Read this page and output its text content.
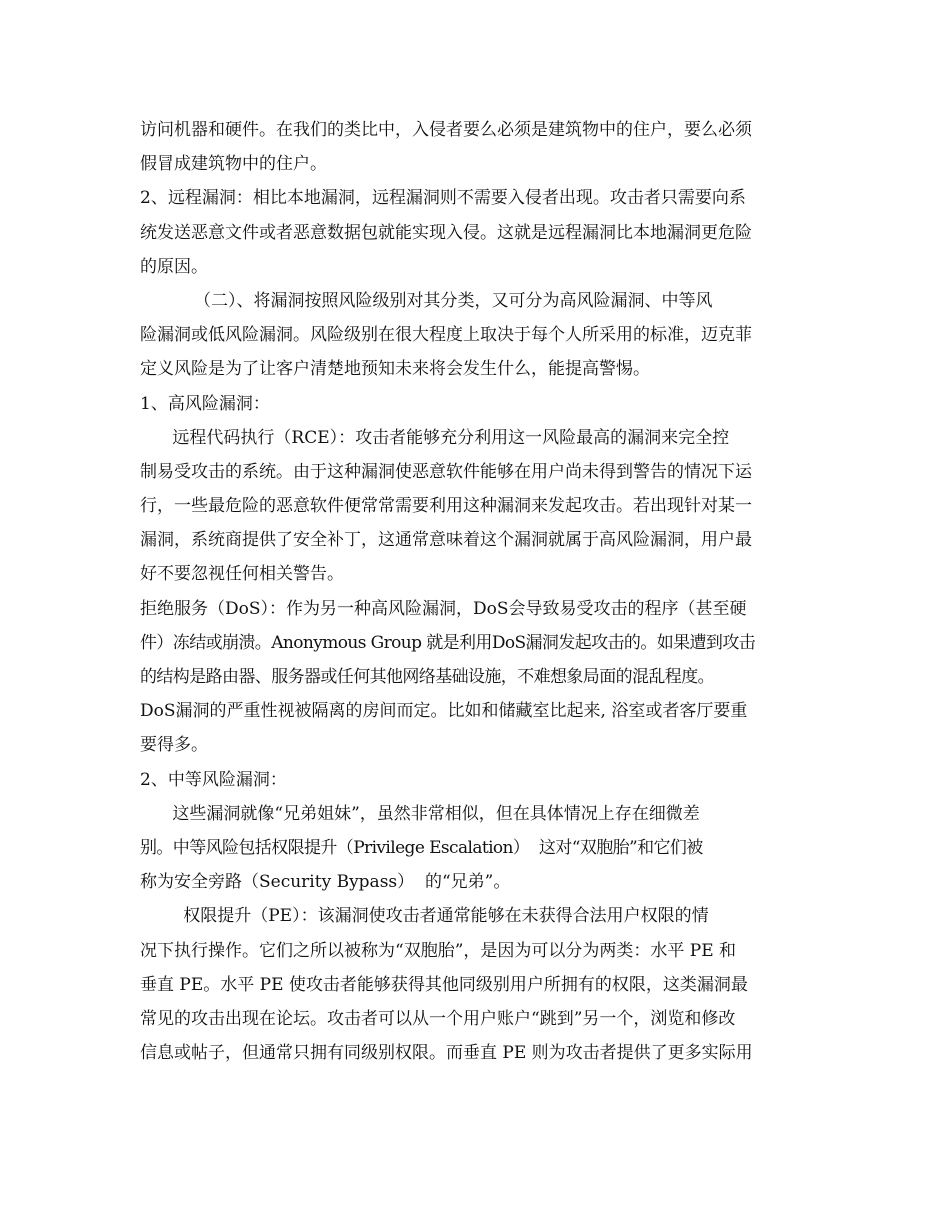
访问机器和硬件。在我们的类比中，入侵者要么必须是建筑物中的住户，要么必须
假冒成建筑物中的住户。
2、远程漏洞：相比本地漏洞，远程漏洞则不需要入侵者出现。攻击者只需要向系
统发送恶意文件或者恶意数据包就能实现入侵。这就是远程漏洞比本地漏洞更危险
的原因。
（二）、将漏洞按照风险级别对其分类，又可分为高风险漏洞、中等风
险漏洞或低风险漏洞。风险级别在很大程度上取决于每个人所采用的标准，迈克菲
定义风险是为了让客户清楚地预知未来将会发生什么，能提高警惕。
1、高风险漏洞：
远程代码执行（RCE）：攻击者能够充分利用这一风险最高的漏洞来完全控
制易受攻击的系统。由于这种漏洞使恶意软件能够在用户尚未得到警告的情况下运
行，一些最危险的恶意软件便常常需要利用这种漏洞来发起攻击。若出现针对某一
漏洞，系统商提供了安全补丁，这通常意味着这个漏洞就属于高风险漏洞，用户最
好不要忽视任何相关警告。
拒绝服务（DoS）：作为另一种高风险漏洞，DoS会导致易受攻击的程序（甚至硬
件）冻结或崩溃。Anonymous Group 就是利用DoS漏洞发起攻击的。如果遭到攻击
的结构是路由器、服务器或任何其他网络基础设施，不难想象局面的混乱程度。
DoS漏洞的严重性视被隔离的房间而定。比如和储藏室比起来, 浴室或者客厅要重
要得多。
2、中等风险漏洞：
这些漏洞就像“兄弟姐妹”，虽然非常相似，但在具体情况上存在细微差
别。中等风险包括权限提升（Privilege Escalation）  这对“双胞胎”和它们被
称为安全旁路（Security Bypass）  的“兄弟”。
权限提升（PE）：该漏洞使攻击者通常能够在未获得合法用户权限的情
况下执行操作。它们之所以被称为“双胞胎”，是因为可以分为两类：水平 PE 和
垂直 PE。水平 PE 使攻击者能够获得其他同级别用户所拥有的权限，这类漏洞最
常见的攻击出现在论坛。攻击者可以从一个用户账户“跳到”另一个，浏览和修改
信息或帖子，但通常只拥有同级别权限。而垂直 PE 则为攻击者提供了更多实际用
